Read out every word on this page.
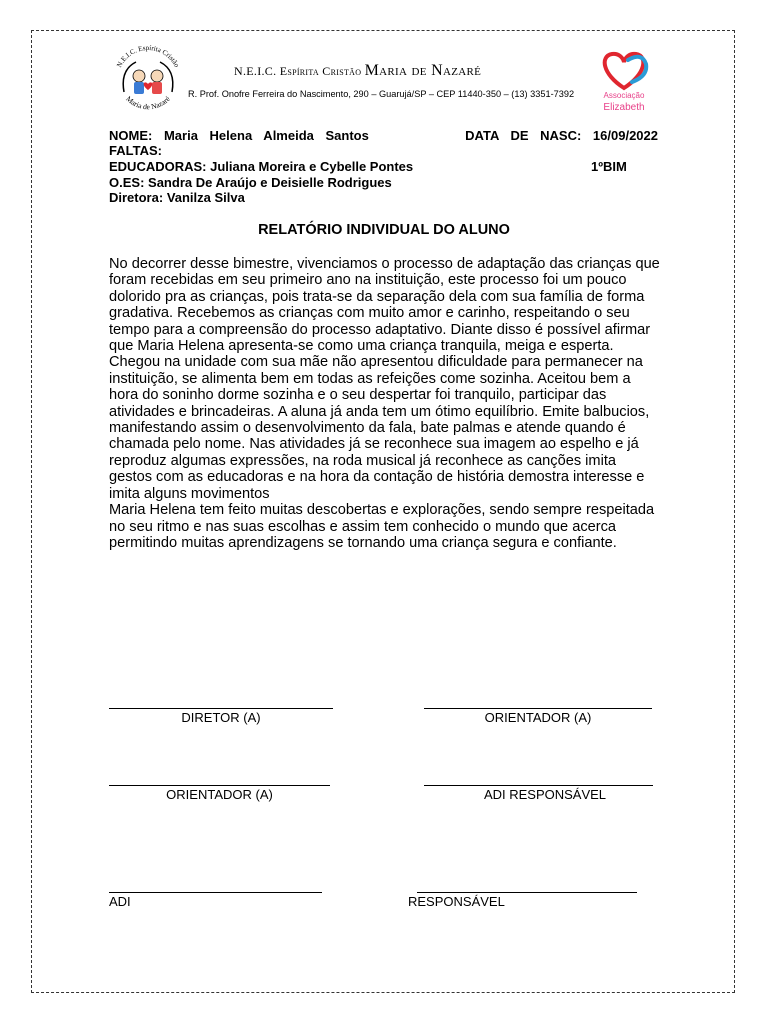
N.E.I.C. Espírita Cristão
Maria de Nazaré
N.E.I.C. Espírita Cristão Maria de Nazaré
R. Prof. Onofre Ferreira do Nascimento, 290 – Guarujá/SP – CEP 11440-350 – (13) 3351-7392	Associação
Elizabeth
NOME: Maria Helena Almeida Santos	DATA DE NASC: 16/09/2022
FALTAS:
EDUCADORAS: Juliana Moreira e Cybelle Pontes	1ºBIM
O.ES: Sandra De Araújo e Deisielle Rodrigues
Diretora: Vanilza Silva
RELATÓRIO INDIVIDUAL DO ALUNO

No decorrer desse bimestre, vivenciamos o processo de adaptação das crianças que foram recebidas em seu primeiro ano na instituição, este processo foi um pouco dolorido pra as crianças, pois trata-se da separação dela com sua família de forma gradativa. Recebemos as crianças com muito amor e carinho, respeitando o seu tempo para a compreensão do processo adaptativo. Diante disso é possível afirmar que Maria Helena apresenta-se como uma criança tranquila, meiga e esperta. Chegou na unidade com sua mãe não apresentou dificuldade para permanecer na instituição, se alimenta bem em todas as refeições come sozinha. Aceitou bem a hora do soninho dorme sozinha e o seu despertar foi tranquilo, participar das atividades e brincadeiras. A aluna já anda tem um ótimo equilíbrio. Emite balbucios, manifestando assim o desenvolvimento da fala, bate palmas e atende quando é chamada pelo nome. Nas atividades já se reconhece sua imagem ao espelho e já reproduz algumas expressões, na roda musical já reconhece as canções imita gestos com as educadoras e na hora da contação de história demostra interesse e imita alguns movimentos

Maria Helena tem feito muitas descobertas e explorações, sendo sempre respeitada no seu ritmo e nas suas escolhas e assim tem conhecido o mundo que acerca permitindo muitas aprendizagens se tornando uma criança segura e confiante.

DIRETOR (A)	ORIENTADOR (A)
ORIENTADOR (A)	ADI RESPONSÁVEL
ADI	RESPONSÁVEL
